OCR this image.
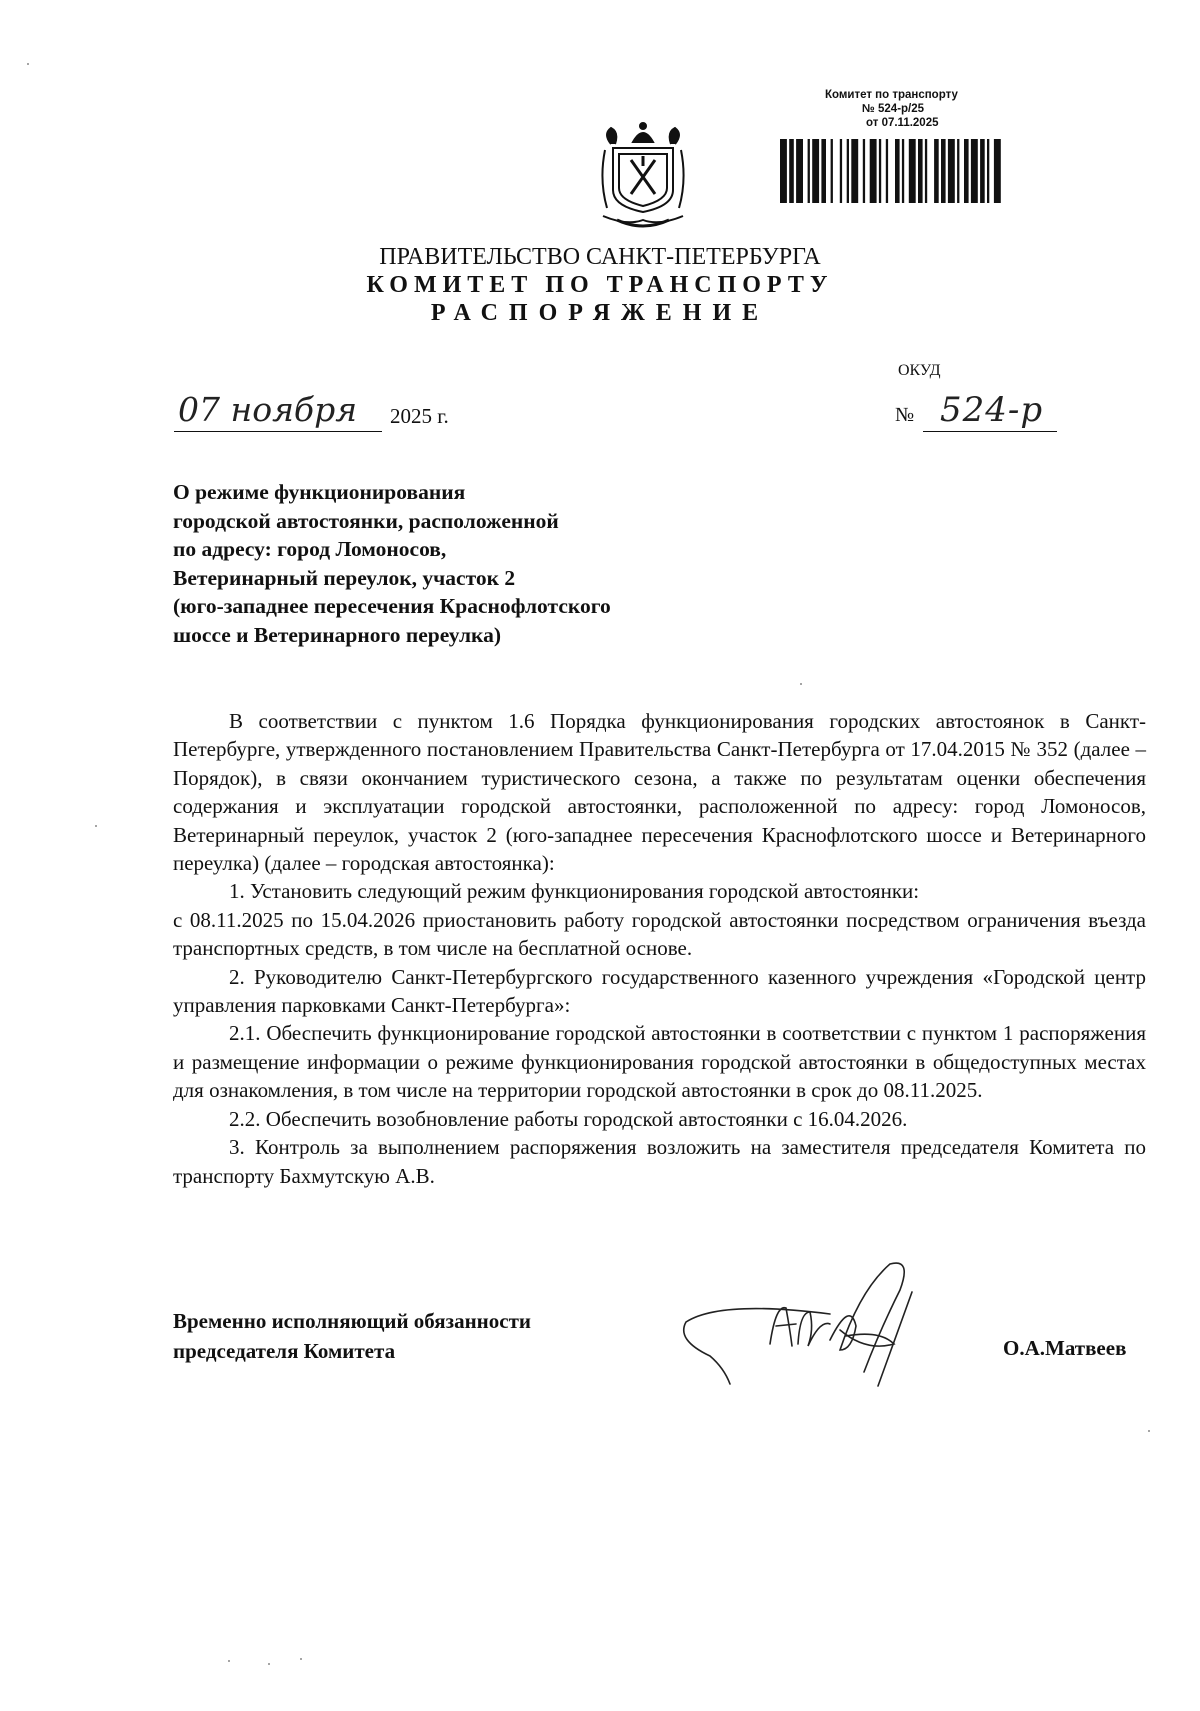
Комитет по транспорту
№ 524-р/25
от 07.11.2025
ПРАВИТЕЛЬСТВО САНКТ-ПЕТЕРБУРГА
КОМИТЕТ ПО ТРАНСПОРТУ
РАСПОРЯЖЕНИЕ
ОКУД
№ 524-р
07 ноября 2025 г.
О режиме функционирования
городской автостоянки, расположенной
по адресу: город Ломоносов,
Ветеринарный переулок, участок 2
(юго-западнее пересечения Краснофлотского
шоссе и Ветеринарного переулка)

В соответствии с пунктом 1.6 Порядка функционирования городских автостоянок в Санкт-Петербурге, утвержденного постановлением Правительства Санкт-Петербурга от 17.04.2015 № 352 (далее – Порядок), в связи окончанием туристического сезона, а также по результатам оценки обеспечения содержания и эксплуатации городской автостоянки, расположенной по адресу: город Ломоносов, Ветеринарный переулок, участок 2 (юго-западнее пересечения Краснофлотского шоссе и Ветеринарного переулка) (далее – городская автостоянка):

1. Установить следующий режим функционирования городской автостоянки:

с 08.11.2025 по 15.04.2026 приостановить работу городской автостоянки посредством ограничения въезда транспортных средств, в том числе на бесплатной основе.

2. Руководителю Санкт-Петербургского государственного казенного учреждения «Городской центр управления парковками Санкт-Петербурга»:

2.1. Обеспечить функционирование городской автостоянки в соответствии с пунктом 1 распоряжения и размещение информации о режиме функционирования городской автостоянки в общедоступных местах для ознакомления, в том числе на территории городской автостоянки в срок до 08.11.2025.

2.2. Обеспечить возобновление работы городской автостоянки с 16.04.2026.

3. Контроль за выполнением распоряжения возложить на заместителя председателя Комитета по транспорту Бахмутскую А.В.

Временно исполняющий обязанности
председателя Комитета	О.А.Матвеев
